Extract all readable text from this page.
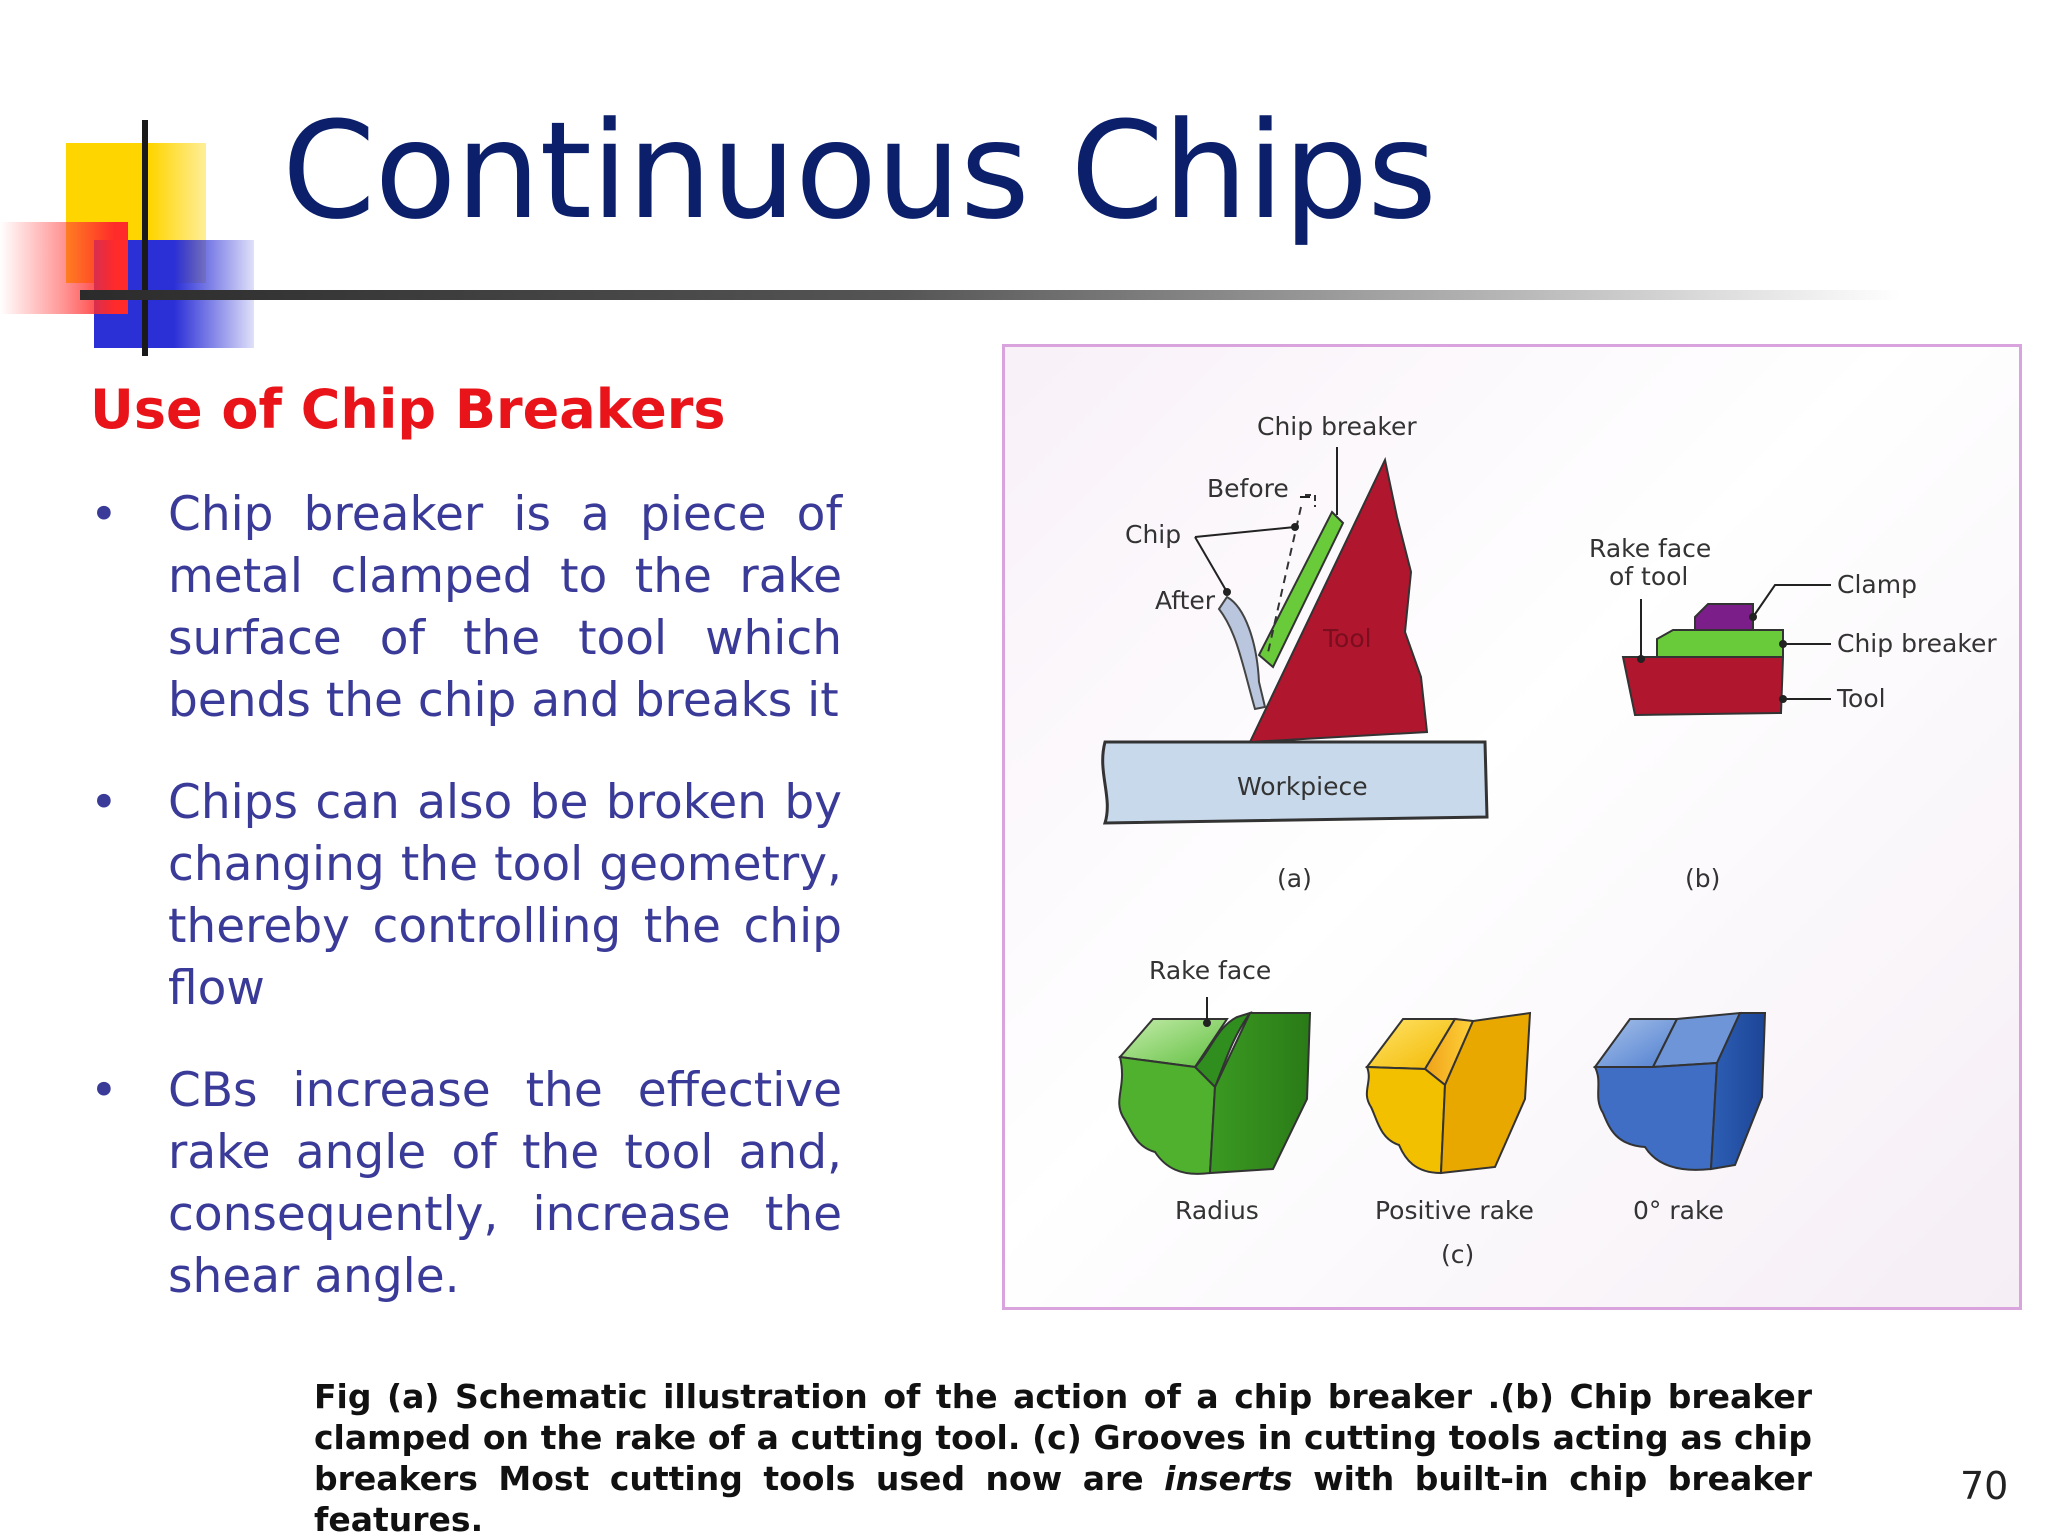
Continuous Chips
Use of Chip Breakers
• Chip breaker is a piece of metal clamped to the rake surface of the tool which bends the chip and breaks it
• Chips can also be broken by changing the tool geometry, thereby controlling the chip flow
• CBs increase the effective rake angle of the tool and, consequently, increase the shear angle.
Workpiece
Tool
Chip breaker
Before
Chip
After
(a)
Rake face
of tool	Clamp
Chip breaker
Tool
(b)
Rake face
Radius	Positive rake
(c)
0° rake
Fig (a) Schematic illustration of the action of a chip breaker .(b) Chip breaker clamped on the rake of a cutting tool. (c) Grooves in cutting tools acting as chip breakers Most cutting tools used now are inserts with built-in chip breaker features.
70
